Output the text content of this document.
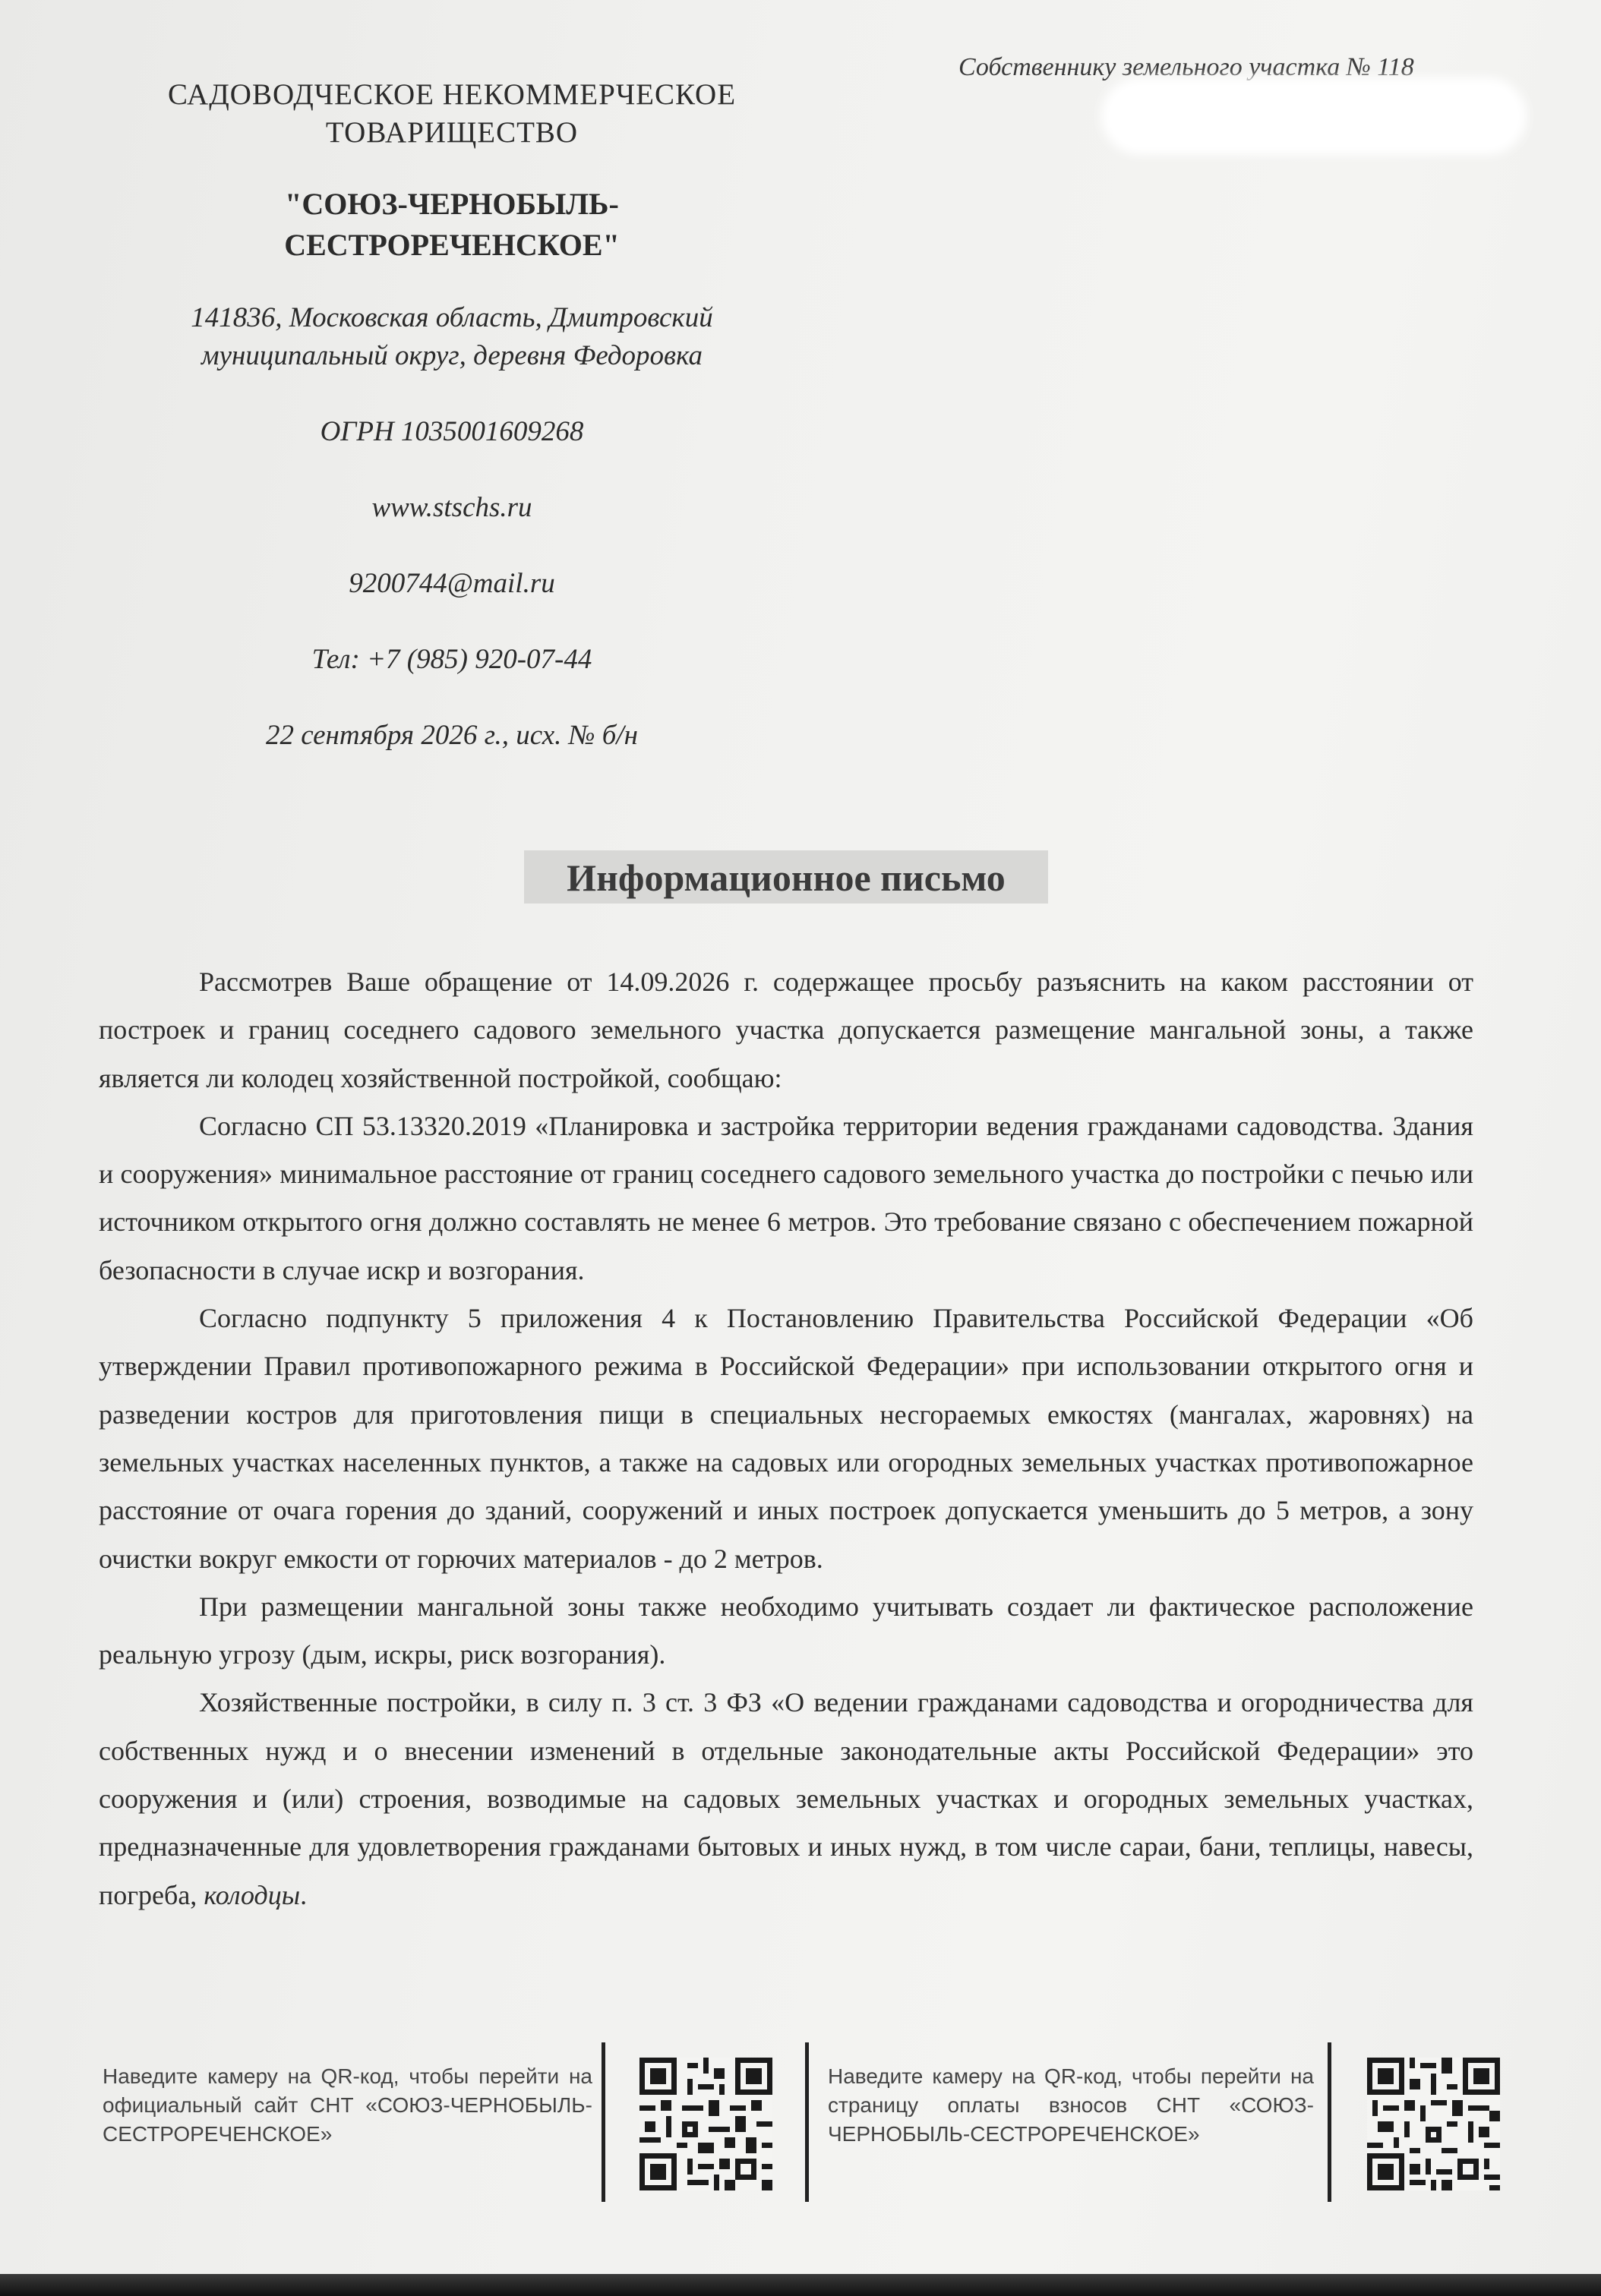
Собственнику земельного участка № 118

САДОВОДЧЕСКОЕ НЕКОММЕРЧЕСКОЕ

ТОВАРИЩЕСТВО

"СОЮЗ-ЧЕРНОБЫЛЬ-

СЕСТРОРЕЧЕНСКОЕ"

141836, Московская область, Дмитровский

муниципальный округ, деревня Федоровка

ОГРН 1035001609268

www.stschs.ru

9200744@mail.ru

Тел: +7 (985) 920-07-44

22 сентября 2026 г., исх. № б/н

Информационное письмо

Рассмотрев Ваше обращение от 14.09.2026 г. содержащее просьбу разъяснить на каком расстоянии от построек и границ соседнего садового земельного участка допускается размещение мангальной зоны, а также является ли колодец хозяйственной постройкой, сообщаю:

Согласно СП 53.13320.2019 «Планировка и застройка территории ведения гражданами садоводства. Здания и сооружения» минимальное расстояние от границ соседнего садового земельного участка до постройки с печью или источником открытого огня должно составлять не менее 6 метров. Это требование связано с обеспечением пожарной безопасности в случае искр и возгорания.

Согласно подпункту 5 приложения 4 к Постановлению Правительства Российской Федерации «Об утверждении Правил противопожарного режима в Российской Федерации» при использовании открытого огня и разведении костров для приготовления пищи в специальных несгораемых емкостях (мангалах, жаровнях) на земельных участках населенных пунктов, а также на садовых или огородных земельных участках противопожарное расстояние от очага горения до зданий, сооружений и иных построек допускается уменьшить до 5 метров, а зону очистки вокруг емкости от горючих материалов - до 2 метров.

При размещении мангальной зоны также необходимо учитывать создает ли фактическое расположение реальную угрозу (дым, искры, риск возгорания).

Хозяйственные постройки, в силу п. 3 ст. 3 ФЗ «О ведении гражданами садоводства и огородничества для собственных нужд и о внесении изменений в отдельные законодательные акты Российской Федерации» это сооружения и (или) строения, возводимые на садовых земельных участках и огородных земельных участках, предназначенные для удовлетворения гражданами бытовых и иных нужд, в том числе сараи, бани, теплицы, навесы, погреба, колодцы.

Наведите камеру на QR-код, чтобы перейти на официальный сайт СНТ «СОЮЗ-ЧЕРНОБЫЛЬ-СЕСТРОРЕЧЕНСКОЕ»
Наведите камеру на QR-код, чтобы перейти на страницу оплаты взносов СНТ «СОЮЗ-ЧЕРНОБЫЛЬ-СЕСТРОРЕЧЕНСКОЕ»
